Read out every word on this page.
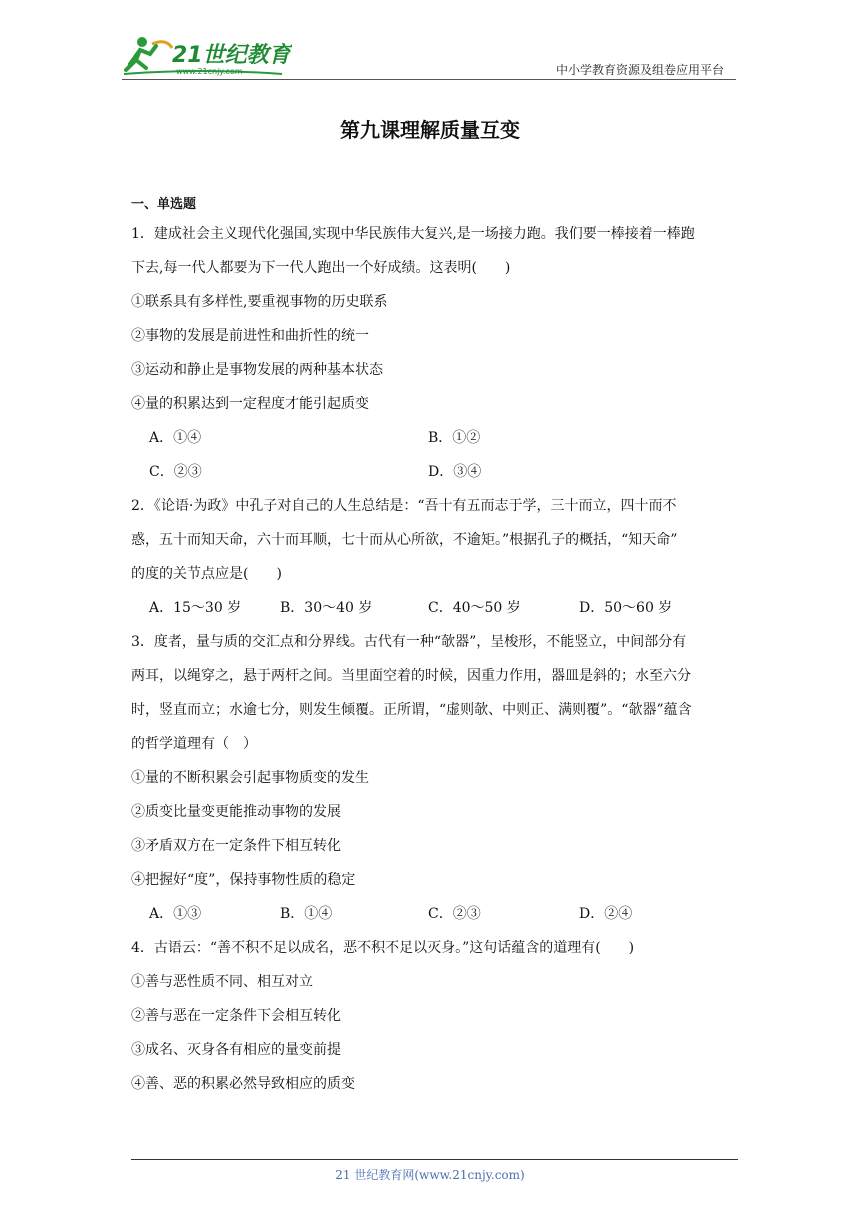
21世纪教育
www.21cnjy.com	中小学教育资源及组卷应用平台
第九课理解质量互变
一、单选题
1．建成社会主义现代化强国,实现中华民族伟大复兴,是一场接力跑。我们要一棒接着一棒跑
下去,每一代人都要为下一代人跑出一个好成绩。这表明(　　)
①联系具有多样性,要重视事物的历史联系
②事物的发展是前进性和曲折性的统一
③运动和静止是事物发展的两种基本状态
④量的积累达到一定程度才能引起质变
A．①④	B．①②
C．②③	D．③④
2．《论语·为政》中孔子对自己的人生总结是：“吾十有五而志于学，三十而立，四十而不
惑，五十而知天命，六十而耳顺，七十而从心所欲，不逾矩。”根据孔子的概括，“知天命”
的度的关节点应是(　　)
A．15～30 岁	B．30～40 岁	C．40～50 岁	D．50～60 岁
3．度者，量与质的交汇点和分界线。古代有一种“欹器”，呈梭形，不能竖立，中间部分有
两耳，以绳穿之，悬于两杆之间。当里面空着的时候，因重力作用，器皿是斜的；水至六分
时，竖直而立；水逾七分，则发生倾覆。正所谓，“虚则欹、中则正、满则覆”。“欹器”蕴含
的哲学道理有（　）
①量的不断积累会引起事物质变的发生
②质变比量变更能推动事物的发展
③矛盾双方在一定条件下相互转化
④把握好“度”，保持事物性质的稳定
A．①③	B．①④	C．②③	D．②④
4．古语云：“善不积不足以成名，恶不积不足以灭身。”这句话蕴含的道理有(　　)
①善与恶性质不同、相互对立
②善与恶在一定条件下会相互转化
③成名、灭身各有相应的量变前提
④善、恶的积累必然导致相应的质变
21 世纪教育网(www.21cnjy.com)
